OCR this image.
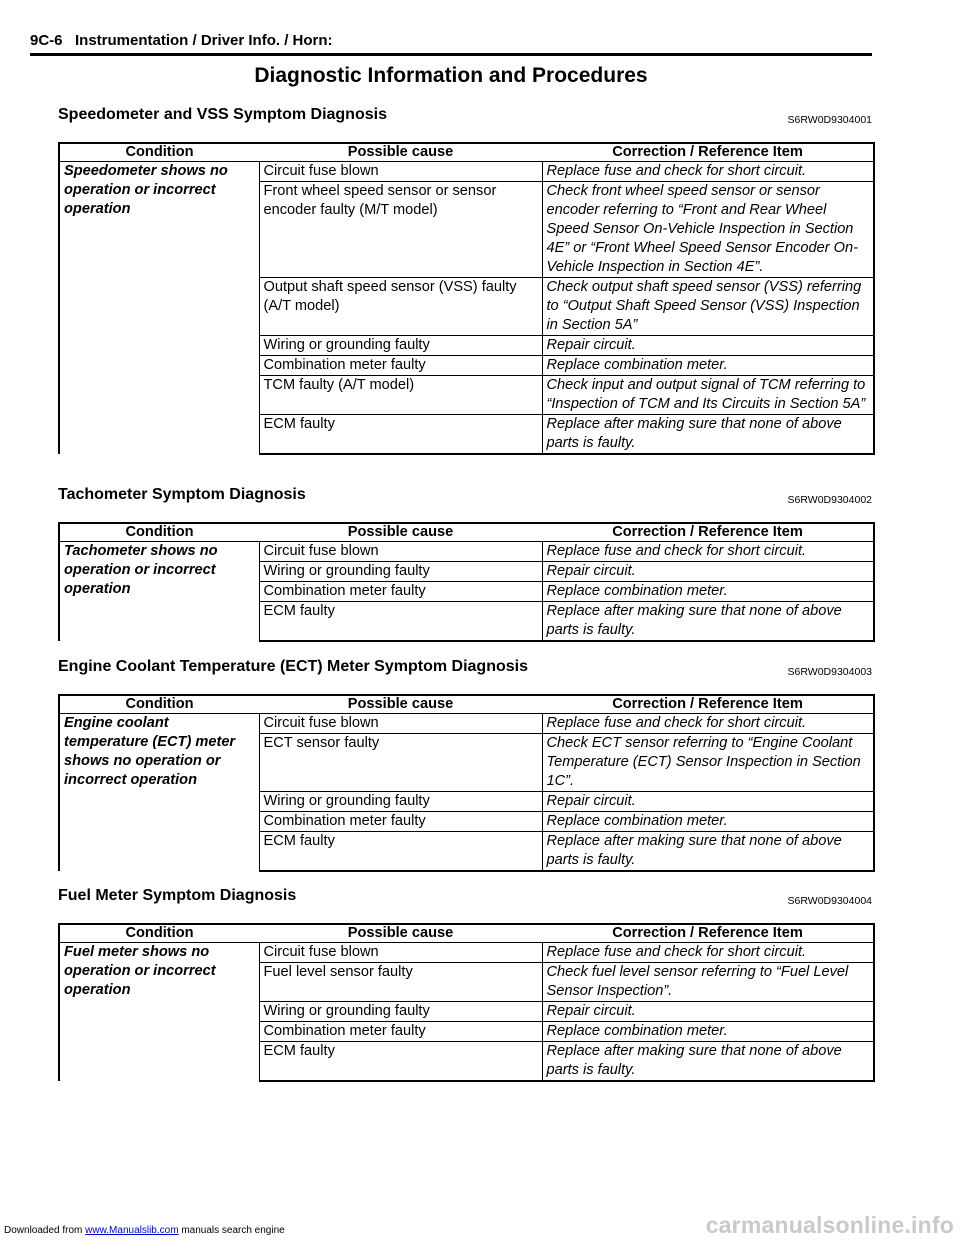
9C-6   Instrumentation / Driver Info. / Horn:
Diagnostic Information and Procedures
Speedometer and VSS Symptom Diagnosis	S6RW0D9304001
Condition	Possible cause	Correction / Reference Item
Speedometer shows no operation or incorrect operation	Circuit fuse blown	Replace fuse and check for short circuit.
	Front wheel speed sensor or sensor encoder faulty (M/T model)	Check front wheel speed sensor or sensor encoder referring to “Front and Rear Wheel Speed Sensor On-Vehicle Inspection in Section 4E” or “Front Wheel Speed Sensor Encoder On-Vehicle Inspection in Section 4E”.
	Output shaft speed sensor (VSS) faulty (A/T model)	Check output shaft speed sensor (VSS) referring to “Output Shaft Speed Sensor (VSS) Inspection in Section 5A”
	Wiring or grounding faulty	Repair circuit.
	Combination meter faulty	Replace combination meter.
	TCM faulty (A/T model)	Check input and output signal of TCM referring to “Inspection of TCM and Its Circuits in Section 5A”
	ECM faulty	Replace after making sure that none of above parts is faulty.
Tachometer Symptom Diagnosis	S6RW0D9304002
Condition	Possible cause	Correction / Reference Item
Tachometer shows no operation or incorrect operation	Circuit fuse blown	Replace fuse and check for short circuit.
	Wiring or grounding faulty	Repair circuit.
	Combination meter faulty	Replace combination meter.
	ECM faulty	Replace after making sure that none of above parts is faulty.
Engine Coolant Temperature (ECT) Meter Symptom Diagnosis	S6RW0D9304003
Condition	Possible cause	Correction / Reference Item
Engine coolant temperature (ECT) meter shows no operation or incorrect operation	Circuit fuse blown	Replace fuse and check for short circuit.
	ECT sensor faulty	Check ECT sensor referring to “Engine Coolant Temperature (ECT) Sensor Inspection in Section 1C”.
	Wiring or grounding faulty	Repair circuit.
	Combination meter faulty	Replace combination meter.
	ECM faulty	Replace after making sure that none of above parts is faulty.
Fuel Meter Symptom Diagnosis	S6RW0D9304004
Condition	Possible cause	Correction / Reference Item
Fuel meter shows no operation or incorrect operation	Circuit fuse blown	Replace fuse and check for short circuit.
	Fuel level sensor faulty	Check fuel level sensor referring to “Fuel Level Sensor Inspection”.
	Wiring or grounding faulty	Repair circuit.
	Combination meter faulty	Replace combination meter.
	ECM faulty	Replace after making sure that none of above parts is faulty.
Downloaded from www.Manualslib.com manuals search engine	carmanualsonline.info
